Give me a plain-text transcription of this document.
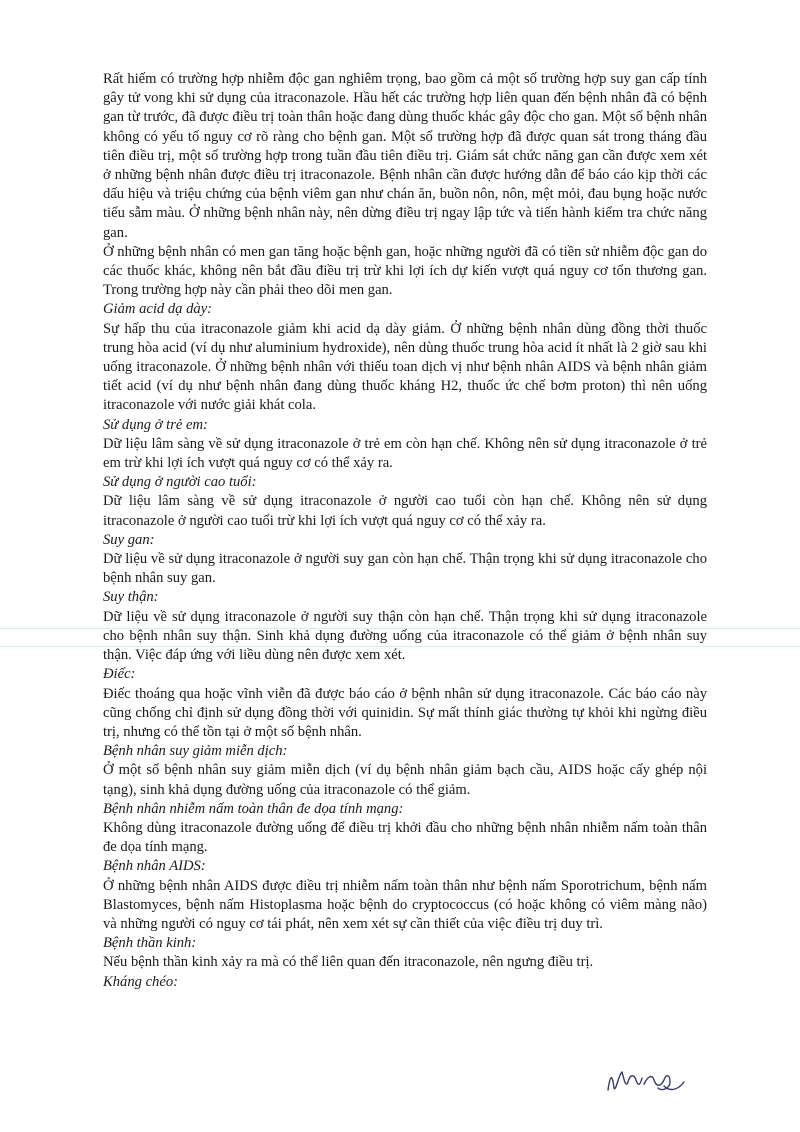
Rất hiếm có trường hợp nhiễm độc gan nghiêm trọng, bao gồm cả một số trường hợp suy gan cấp tính gây tử vong khi sử dụng của itraconazole. Hầu hết các trường hợp liên quan đến bệnh nhân đã có bệnh gan từ trước, đã được điều trị toàn thân hoặc đang dùng thuốc khác gây độc cho gan. Một số bệnh nhân không có yếu tố nguy cơ rõ ràng cho bệnh gan. Một số trường hợp đã được quan sát trong tháng đầu tiên điều trị, một số trường hợp trong tuần đầu tiên điều trị. Giám sát chức năng gan cần được xem xét ở những bệnh nhân được điều trị itraconazole. Bệnh nhân cần được hướng dẫn để báo cáo kịp thời các dấu hiệu và triệu chứng của bệnh viêm gan như chán ăn, buồn nôn, nôn, mệt mỏi, đau bụng hoặc nước tiểu sẫm màu. Ở những bệnh nhân này, nên dừng điều trị ngay lập tức và tiến hành kiểm tra chức năng gan.

Ở những bệnh nhân có men gan tăng hoặc bệnh gan, hoặc những người đã có tiền sử nhiễm độc gan do các thuốc khác, không nên bắt đầu điều trị trừ khi lợi ích dự kiến vượt quá nguy cơ tổn thương gan. Trong trường hợp này cần phải theo dõi men gan.

Giảm acid dạ dày:

Sự hấp thu của itraconazole giảm khi acid dạ dày giảm. Ở những bệnh nhân dùng đồng thời thuốc trung hòa acid (ví dụ như aluminium hydroxide), nên dùng thuốc trung hòa acid ít nhất là 2 giờ sau khi uống itraconazole. Ở những bệnh nhân với thiếu toan dịch vị như bệnh nhân AIDS và bệnh nhân giảm tiết acid (ví dụ như bệnh nhân đang dùng thuốc kháng H2, thuốc ức chế bơm proton) thì nên uống itraconazole với nước giải khát cola.

Sử dụng ở trẻ em:

Dữ liệu lâm sàng về sử dụng itraconazole ở trẻ em còn hạn chế. Không nên sử dụng itraconazole ở trẻ em trừ khi lợi ích vượt quá nguy cơ có thể xảy ra.

Sử dụng ở người cao tuổi:

Dữ liệu lâm sàng về sử dụng itraconazole ở người cao tuổi còn hạn chế. Không nên sử dụng itraconazole ở người cao tuổi trừ khi lợi ích vượt quá nguy cơ có thể xảy ra.

Suy gan:

Dữ liệu về sử dụng itraconazole ở người suy gan còn hạn chế. Thận trọng khi sử dụng itraconazole cho bệnh nhân suy gan.

Suy thận:

Dữ liệu về sử dụng itraconazole ở người suy thận còn hạn chế. Thận trọng khi sử dụng itraconazole cho bệnh nhân suy thận. Sinh khả dụng đường uống của itraconazole có thể giảm ở bệnh nhân suy thận. Việc đáp ứng với liều dùng nên được xem xét.

Điếc:

Điếc thoáng qua hoặc vĩnh viễn đã được báo cáo ở bệnh nhân sử dụng itraconazole. Các báo cáo này cũng chống chỉ định sử dụng đồng thời với quinidin. Sự mất thính giác thường tự khỏi khi ngừng điều trị, nhưng có thể tồn tại ở một số bệnh nhân.

Bệnh nhân suy giảm miễn dịch:

Ở một số bệnh nhân suy giảm miễn dịch (ví dụ bệnh nhân giảm bạch cầu, AIDS hoặc cấy ghép nội tạng), sinh khả dụng đường uống của itraconazole có thể giảm.

Bệnh nhân nhiễm nấm toàn thân đe dọa tính mạng:

Không dùng itraconazole đường uống để điều trị khởi đầu cho những bệnh nhân nhiễm nấm toàn thân đe dọa tính mạng.

Bệnh nhân AIDS:

Ở những bệnh nhân AIDS được điều trị nhiễm nấm toàn thân như bệnh nấm Sporotrichum, bệnh nấm Blastomyces, bệnh nấm Histoplasma hoặc bệnh do cryptococcus (có hoặc không có viêm màng não) và những người có nguy cơ tái phát, nên xem xét sự cần thiết của việc điều trị duy trì.

Bệnh thần kinh:

Nếu bệnh thần kinh xảy ra mà có thể liên quan đến itraconazole, nên ngưng điều trị.

Kháng chéo:
